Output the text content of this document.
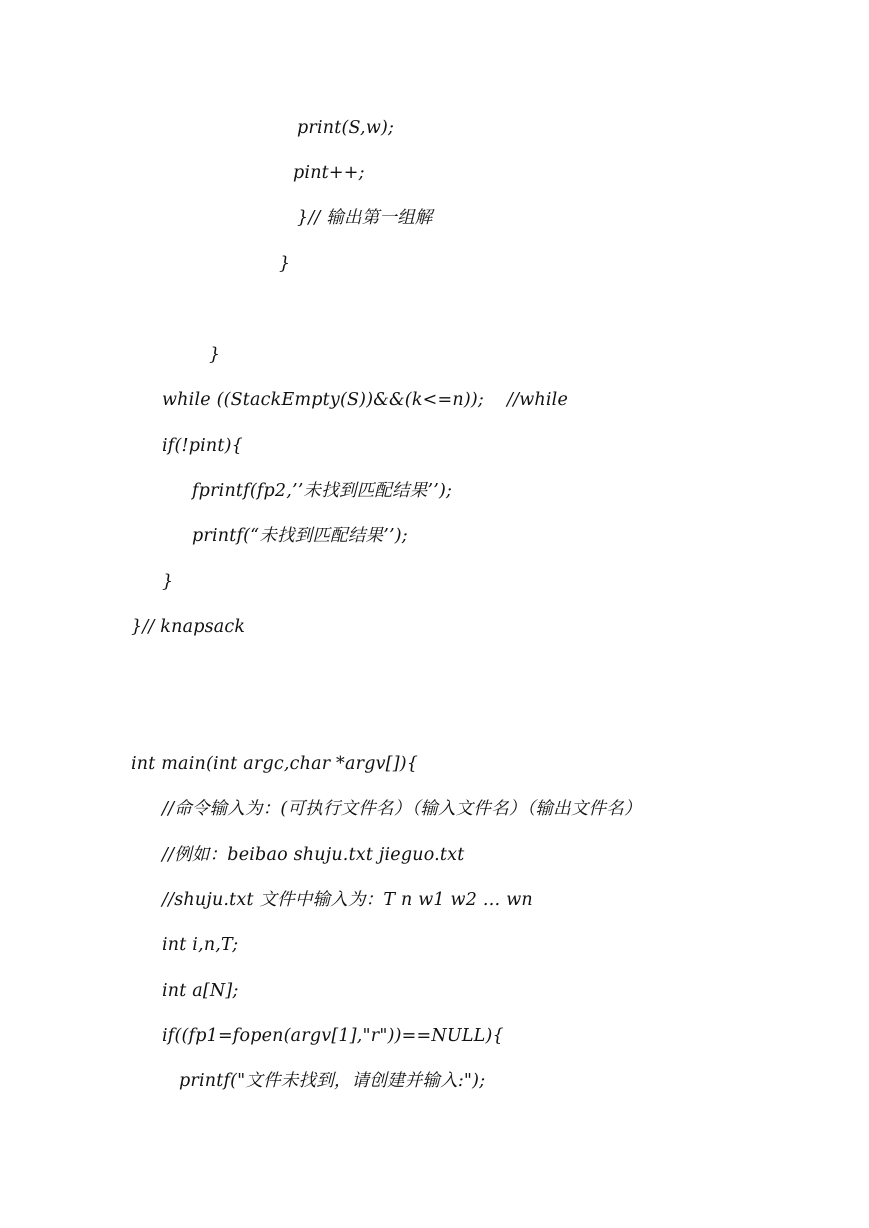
print(S,w);
pint++;
}// 输出第一组解
}
}
while ((StackEmpty(S))&&(k<=n));    //while
if(!pint){
fprintf(fp2,’’未找到匹配结果’’);
printf(“未找到匹配结果’’);
}
}// knapsack
int main(int argc,char *argv[]){
//命令输入为：(可执行文件名）（输入文件名）（输出文件名）
//例如：beibao shuju.txt jieguo.txt
//shuju.txt 文件中输入为：T n w1 w2 … wn
int i,n,T;
int a[N];
if((fp1=fopen(argv[1],"r"))==NULL){
printf("文件未找到，请创建并输入:");
